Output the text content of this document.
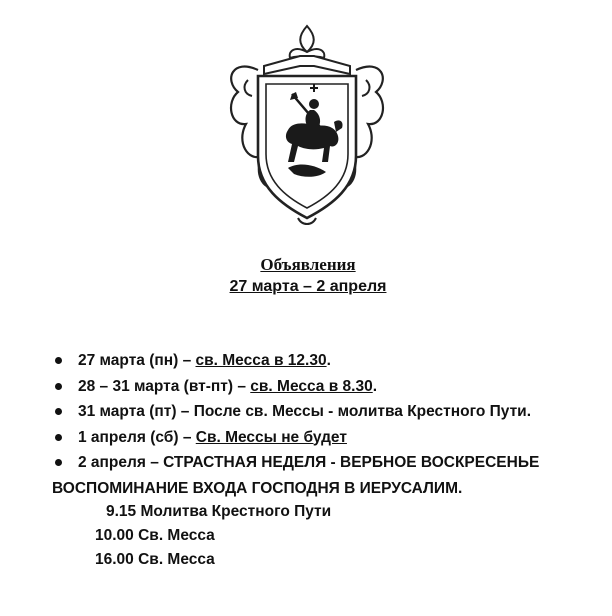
Объявления
27 марта – 2 апреля
27 марта (пн) – св. Месса в 12.30.
28 – 31 марта (вт-пт) – св. Месса в 8.30.
31 марта (пт) – После св. Мессы - молитва Крестного Пути.
1 апреля (сб) – Св. Мессы не будет
2 апреля – СТРАСТНАЯ НЕДЕЛЯ - ВЕРБНОЕ ВОСКРЕСЕНЬЕ
ВОСПОМИНАНИЕ ВХОДА ГОСПОДНЯ В ИЕРУСАЛИМ.
9.15 Молитва Крестного Пути
10.00 Св. Месса
16.00 Св. Месса
